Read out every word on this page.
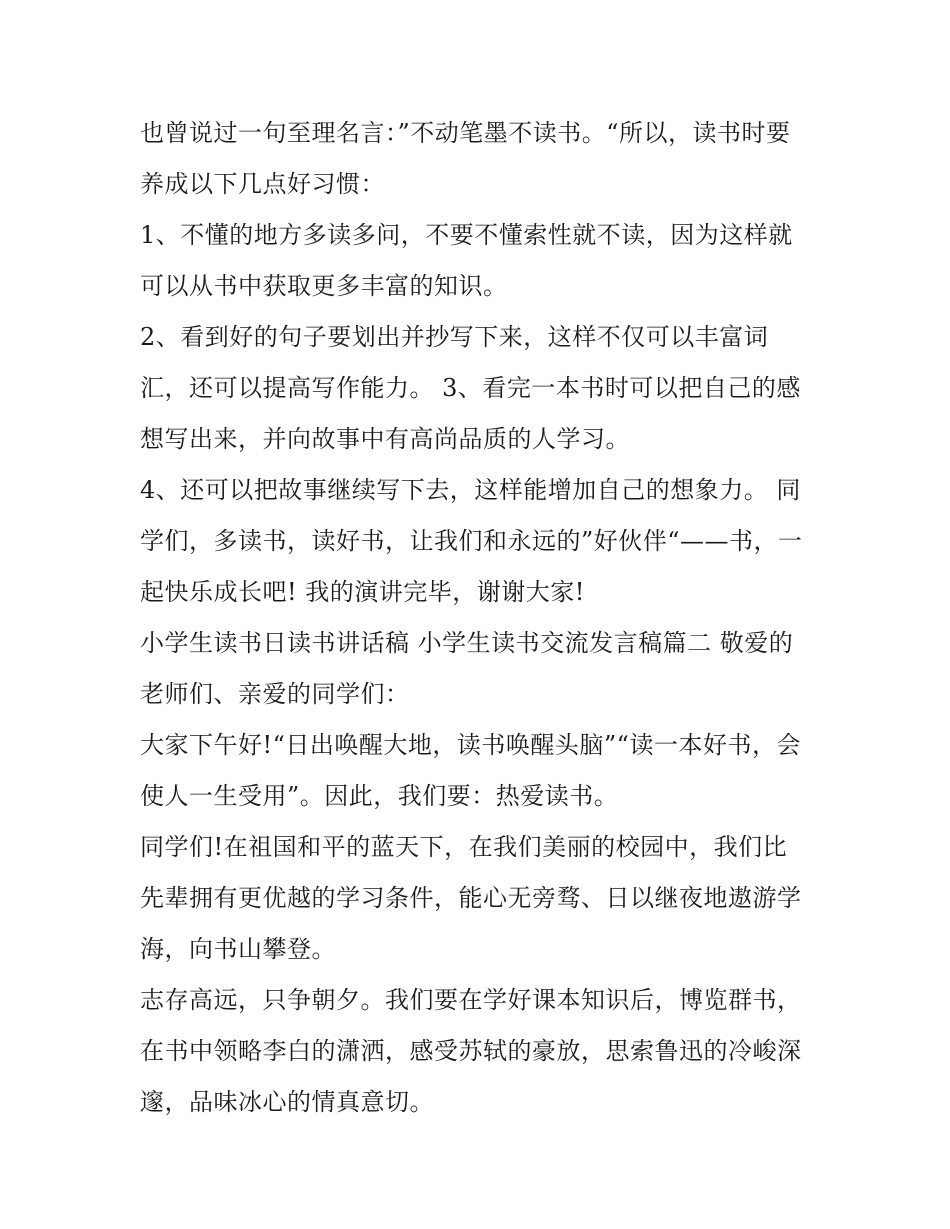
也曾说过一句至理名言：”不动笔墨不读书。“所以，读书时要
养成以下几点好习惯：
1、不懂的地方多读多问，不要不懂索性就不读，因为这样就
可以从书中获取更多丰富的知识。
2、看到好的句子要划出并抄写下来，这样不仅可以丰富词
汇，还可以提高写作能力。 3、看完一本书时可以把自己的感
想写出来，并向故事中有高尚品质的人学习。
4、还可以把故事继续写下去，这样能增加自己的想象力。 同
学们，多读书，读好书，让我们和永远的”好伙伴“——书，一
起快乐成长吧! 我的演讲完毕，谢谢大家!
小学生读书日读书讲话稿 小学生读书交流发言稿篇二 敬爱的
老师们、亲爱的同学们：
大家下午好!“日出唤醒大地，读书唤醒头脑”“读一本好书，会
使人一生受用”。因此，我们要：热爱读书。
同学们!在祖国和平的蓝天下，在我们美丽的校园中，我们比
先辈拥有更优越的学习条件，能心无旁骛、日以继夜地遨游学
海，向书山攀登。
志存高远，只争朝夕。我们要在学好课本知识后，博览群书，
在书中领略李白的潇洒，感受苏轼的豪放，思索鲁迅的冷峻深
邃，品味冰心的情真意切。
